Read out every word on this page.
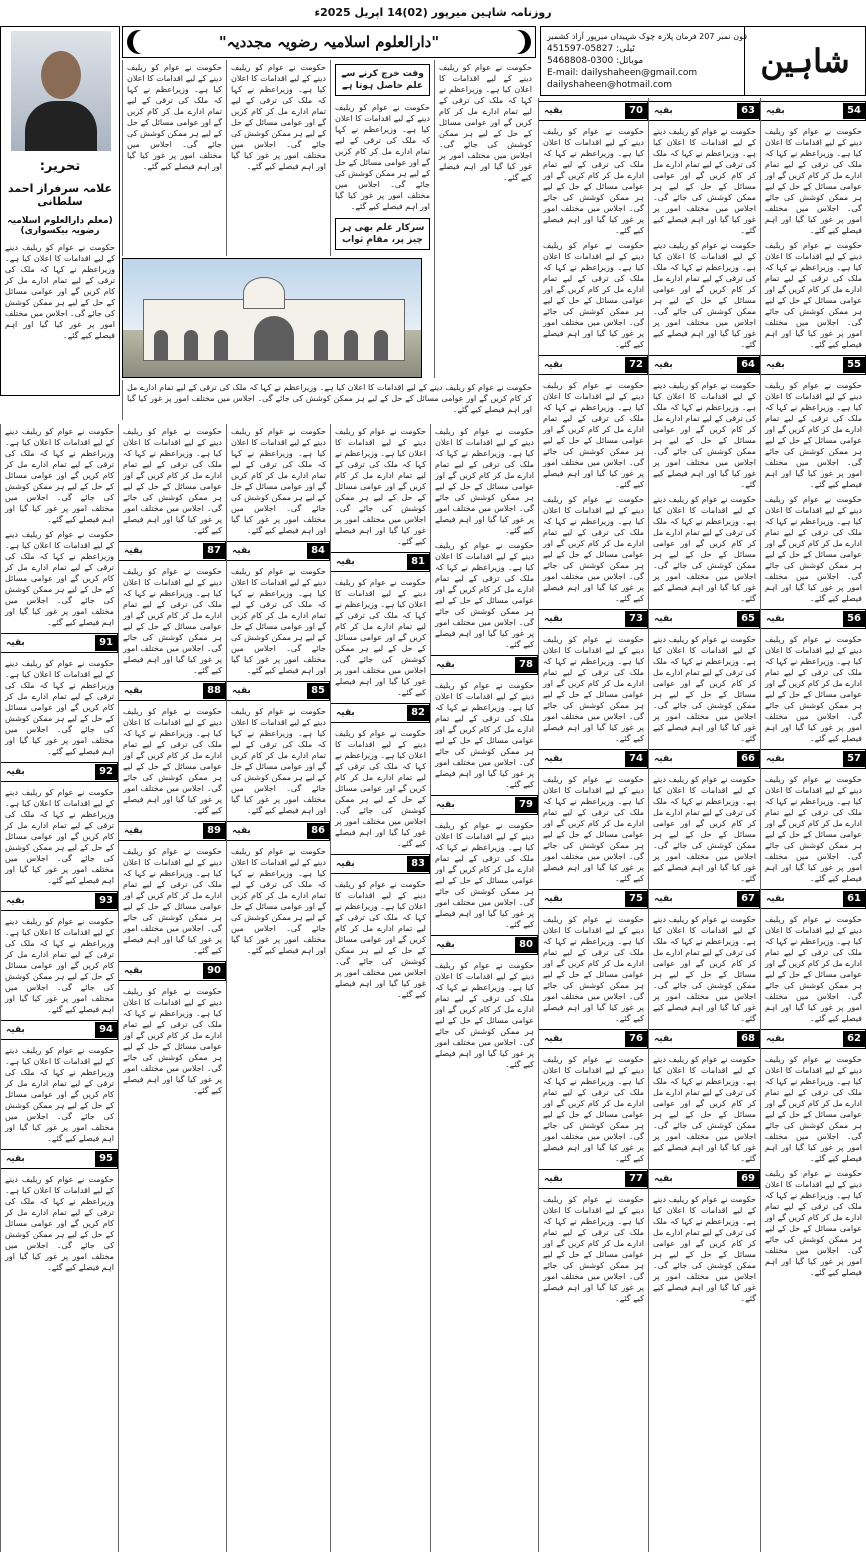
روزنامہ شاہین میرپور (02)14 اپریل 2025ء
شاہین
فون نمبر 207 فرمان پلازہ چوک شہیداں میرپور آزاد کشمیر
ٹیلی: 05827-451597
موبائل: 0300-5468808
E-mail: dailyshaheen@gmail.com
dailyshaheen@hotmail.com
"دارالعلوم اسلامیہ رضویہ مجددیہ"
تحریر:
علامہ سرفراز احمد سلطانی
(معلم دارالعلوم اسلامیہ رضویہ بیکسواری)
حکومت نے عوام کو ریلیف دینے کے لیے اقدامات کا اعلان کیا ہے۔ وزیراعظم نے کہا کہ ملک کی ترقی کے لیے تمام ادارے مل کر کام کریں گے اور عوامی مسائل کے حل کے لیے ہر ممکن کوشش کی جائے گی۔ اجلاس میں مختلف امور پر غور کیا گیا اور اہم فیصلے کیے گئے۔
حکومت نے عوام کو ریلیف دینے کے لیے اقدامات کا اعلان کیا ہے۔ وزیراعظم نے کہا کہ ملک کی ترقی کے لیے تمام ادارے مل کر کام کریں گے اور عوامی مسائل کے حل کے لیے ہر ممکن کوشش کی جائے گی۔ اجلاس میں مختلف امور پر غور کیا گیا اور اہم فیصلے کیے گئے۔
حکومت نے عوام کو ریلیف دینے کے لیے اقدامات کا اعلان کیا ہے۔ وزیراعظم نے کہا کہ ملک کی ترقی کے لیے تمام ادارے مل کر کام کریں گے اور عوامی مسائل کے حل کے لیے ہر ممکن کوشش کی جائے گی۔ اجلاس میں مختلف امور پر غور کیا گیا اور اہم فیصلے کیے گئے۔
وقت خرچ کرنے سے علم حاصل ہوتا ہے
حکومت نے عوام کو ریلیف دینے کے لیے اقدامات کا اعلان کیا ہے۔ وزیراعظم نے کہا کہ ملک کی ترقی کے لیے تمام ادارے مل کر کام کریں گے اور عوامی مسائل کے حل کے لیے ہر ممکن کوشش کی جائے گی۔ اجلاس میں مختلف امور پر غور کیا گیا اور اہم فیصلے کیے گئے۔
سرکار علم بھی ہر چیز پر، مقامِ ثواب
حکومت نے عوام کو ریلیف دینے کے لیے اقدامات کا اعلان کیا ہے۔ وزیراعظم نے کہا کہ ملک کی ترقی کے لیے تمام ادارے مل کر کام کریں گے اور عوامی مسائل کے حل کے لیے ہر ممکن کوشش کی جائے گی۔ اجلاس میں مختلف امور پر غور کیا گیا اور اہم فیصلے کیے گئے۔
حکومت نے عوام کو ریلیف دینے کے لیے اقدامات کا اعلان کیا ہے۔ وزیراعظم نے کہا کہ ملک کی ترقی کے لیے تمام ادارے مل کر کام کریں گے اور عوامی مسائل کے حل کے لیے ہر ممکن کوشش کی جائے گی۔ اجلاس میں مختلف امور پر غور کیا گیا اور اہم فیصلے کیے گئے۔
بقیہ	54
حکومت نے عوام کو ریلیف دینے کے لیے اقدامات کا اعلان کیا ہے۔ وزیراعظم نے کہا کہ ملک کی ترقی کے لیے تمام ادارے مل کر کام کریں گے اور عوامی مسائل کے حل کے لیے ہر ممکن کوشش کی جائے گی۔ اجلاس میں مختلف امور پر غور کیا گیا اور اہم فیصلے کیے گئے۔
حکومت نے عوام کو ریلیف دینے کے لیے اقدامات کا اعلان کیا ہے۔ وزیراعظم نے کہا کہ ملک کی ترقی کے لیے تمام ادارے مل کر کام کریں گے اور عوامی مسائل کے حل کے لیے ہر ممکن کوشش کی جائے گی۔ اجلاس میں مختلف امور پر غور کیا گیا اور اہم فیصلے کیے گئے۔
بقیہ	55
حکومت نے عوام کو ریلیف دینے کے لیے اقدامات کا اعلان کیا ہے۔ وزیراعظم نے کہا کہ ملک کی ترقی کے لیے تمام ادارے مل کر کام کریں گے اور عوامی مسائل کے حل کے لیے ہر ممکن کوشش کی جائے گی۔ اجلاس میں مختلف امور پر غور کیا گیا اور اہم فیصلے کیے گئے۔
حکومت نے عوام کو ریلیف دینے کے لیے اقدامات کا اعلان کیا ہے۔ وزیراعظم نے کہا کہ ملک کی ترقی کے لیے تمام ادارے مل کر کام کریں گے اور عوامی مسائل کے حل کے لیے ہر ممکن کوشش کی جائے گی۔ اجلاس میں مختلف امور پر غور کیا گیا اور اہم فیصلے کیے گئے۔
بقیہ	56
حکومت نے عوام کو ریلیف دینے کے لیے اقدامات کا اعلان کیا ہے۔ وزیراعظم نے کہا کہ ملک کی ترقی کے لیے تمام ادارے مل کر کام کریں گے اور عوامی مسائل کے حل کے لیے ہر ممکن کوشش کی جائے گی۔ اجلاس میں مختلف امور پر غور کیا گیا اور اہم فیصلے کیے گئے۔
بقیہ	57
حکومت نے عوام کو ریلیف دینے کے لیے اقدامات کا اعلان کیا ہے۔ وزیراعظم نے کہا کہ ملک کی ترقی کے لیے تمام ادارے مل کر کام کریں گے اور عوامی مسائل کے حل کے لیے ہر ممکن کوشش کی جائے گی۔ اجلاس میں مختلف امور پر غور کیا گیا اور اہم فیصلے کیے گئے۔
بقیہ	61
حکومت نے عوام کو ریلیف دینے کے لیے اقدامات کا اعلان کیا ہے۔ وزیراعظم نے کہا کہ ملک کی ترقی کے لیے تمام ادارے مل کر کام کریں گے اور عوامی مسائل کے حل کے لیے ہر ممکن کوشش کی جائے گی۔ اجلاس میں مختلف امور پر غور کیا گیا اور اہم فیصلے کیے گئے۔
بقیہ	62
حکومت نے عوام کو ریلیف دینے کے لیے اقدامات کا اعلان کیا ہے۔ وزیراعظم نے کہا کہ ملک کی ترقی کے لیے تمام ادارے مل کر کام کریں گے اور عوامی مسائل کے حل کے لیے ہر ممکن کوشش کی جائے گی۔ اجلاس میں مختلف امور پر غور کیا گیا اور اہم فیصلے کیے گئے۔
حکومت نے عوام کو ریلیف دینے کے لیے اقدامات کا اعلان کیا ہے۔ وزیراعظم نے کہا کہ ملک کی ترقی کے لیے تمام ادارے مل کر کام کریں گے اور عوامی مسائل کے حل کے لیے ہر ممکن کوشش کی جائے گی۔ اجلاس میں مختلف امور پر غور کیا گیا اور اہم فیصلے کیے گئے۔
بقیہ	63
حکومت نے عوام کو ریلیف دینے کے لیے اقدامات کا اعلان کیا ہے۔ وزیراعظم نے کہا کہ ملک کی ترقی کے لیے تمام ادارے مل کر کام کریں گے اور عوامی مسائل کے حل کے لیے ہر ممکن کوشش کی جائے گی۔ اجلاس میں مختلف امور پر غور کیا گیا اور اہم فیصلے کیے گئے۔
حکومت نے عوام کو ریلیف دینے کے لیے اقدامات کا اعلان کیا ہے۔ وزیراعظم نے کہا کہ ملک کی ترقی کے لیے تمام ادارے مل کر کام کریں گے اور عوامی مسائل کے حل کے لیے ہر ممکن کوشش کی جائے گی۔ اجلاس میں مختلف امور پر غور کیا گیا اور اہم فیصلے کیے گئے۔
بقیہ	64
حکومت نے عوام کو ریلیف دینے کے لیے اقدامات کا اعلان کیا ہے۔ وزیراعظم نے کہا کہ ملک کی ترقی کے لیے تمام ادارے مل کر کام کریں گے اور عوامی مسائل کے حل کے لیے ہر ممکن کوشش کی جائے گی۔ اجلاس میں مختلف امور پر غور کیا گیا اور اہم فیصلے کیے گئے۔
حکومت نے عوام کو ریلیف دینے کے لیے اقدامات کا اعلان کیا ہے۔ وزیراعظم نے کہا کہ ملک کی ترقی کے لیے تمام ادارے مل کر کام کریں گے اور عوامی مسائل کے حل کے لیے ہر ممکن کوشش کی جائے گی۔ اجلاس میں مختلف امور پر غور کیا گیا اور اہم فیصلے کیے گئے۔
بقیہ	65
حکومت نے عوام کو ریلیف دینے کے لیے اقدامات کا اعلان کیا ہے۔ وزیراعظم نے کہا کہ ملک کی ترقی کے لیے تمام ادارے مل کر کام کریں گے اور عوامی مسائل کے حل کے لیے ہر ممکن کوشش کی جائے گی۔ اجلاس میں مختلف امور پر غور کیا گیا اور اہم فیصلے کیے گئے۔
بقیہ	66
حکومت نے عوام کو ریلیف دینے کے لیے اقدامات کا اعلان کیا ہے۔ وزیراعظم نے کہا کہ ملک کی ترقی کے لیے تمام ادارے مل کر کام کریں گے اور عوامی مسائل کے حل کے لیے ہر ممکن کوشش کی جائے گی۔ اجلاس میں مختلف امور پر غور کیا گیا اور اہم فیصلے کیے گئے۔
بقیہ	67
حکومت نے عوام کو ریلیف دینے کے لیے اقدامات کا اعلان کیا ہے۔ وزیراعظم نے کہا کہ ملک کی ترقی کے لیے تمام ادارے مل کر کام کریں گے اور عوامی مسائل کے حل کے لیے ہر ممکن کوشش کی جائے گی۔ اجلاس میں مختلف امور پر غور کیا گیا اور اہم فیصلے کیے گئے۔
بقیہ	68
حکومت نے عوام کو ریلیف دینے کے لیے اقدامات کا اعلان کیا ہے۔ وزیراعظم نے کہا کہ ملک کی ترقی کے لیے تمام ادارے مل کر کام کریں گے اور عوامی مسائل کے حل کے لیے ہر ممکن کوشش کی جائے گی۔ اجلاس میں مختلف امور پر غور کیا گیا اور اہم فیصلے کیے گئے۔
بقیہ	69
حکومت نے عوام کو ریلیف دینے کے لیے اقدامات کا اعلان کیا ہے۔ وزیراعظم نے کہا کہ ملک کی ترقی کے لیے تمام ادارے مل کر کام کریں گے اور عوامی مسائل کے حل کے لیے ہر ممکن کوشش کی جائے گی۔ اجلاس میں مختلف امور پر غور کیا گیا اور اہم فیصلے کیے گئے۔
بقیہ	70
حکومت نے عوام کو ریلیف دینے کے لیے اقدامات کا اعلان کیا ہے۔ وزیراعظم نے کہا کہ ملک کی ترقی کے لیے تمام ادارے مل کر کام کریں گے اور عوامی مسائل کے حل کے لیے ہر ممکن کوشش کی جائے گی۔ اجلاس میں مختلف امور پر غور کیا گیا اور اہم فیصلے کیے گئے۔
حکومت نے عوام کو ریلیف دینے کے لیے اقدامات کا اعلان کیا ہے۔ وزیراعظم نے کہا کہ ملک کی ترقی کے لیے تمام ادارے مل کر کام کریں گے اور عوامی مسائل کے حل کے لیے ہر ممکن کوشش کی جائے گی۔ اجلاس میں مختلف امور پر غور کیا گیا اور اہم فیصلے کیے گئے۔
بقیہ	72
حکومت نے عوام کو ریلیف دینے کے لیے اقدامات کا اعلان کیا ہے۔ وزیراعظم نے کہا کہ ملک کی ترقی کے لیے تمام ادارے مل کر کام کریں گے اور عوامی مسائل کے حل کے لیے ہر ممکن کوشش کی جائے گی۔ اجلاس میں مختلف امور پر غور کیا گیا اور اہم فیصلے کیے گئے۔
حکومت نے عوام کو ریلیف دینے کے لیے اقدامات کا اعلان کیا ہے۔ وزیراعظم نے کہا کہ ملک کی ترقی کے لیے تمام ادارے مل کر کام کریں گے اور عوامی مسائل کے حل کے لیے ہر ممکن کوشش کی جائے گی۔ اجلاس میں مختلف امور پر غور کیا گیا اور اہم فیصلے کیے گئے۔
بقیہ	73
حکومت نے عوام کو ریلیف دینے کے لیے اقدامات کا اعلان کیا ہے۔ وزیراعظم نے کہا کہ ملک کی ترقی کے لیے تمام ادارے مل کر کام کریں گے اور عوامی مسائل کے حل کے لیے ہر ممکن کوشش کی جائے گی۔ اجلاس میں مختلف امور پر غور کیا گیا اور اہم فیصلے کیے گئے۔
بقیہ	74
حکومت نے عوام کو ریلیف دینے کے لیے اقدامات کا اعلان کیا ہے۔ وزیراعظم نے کہا کہ ملک کی ترقی کے لیے تمام ادارے مل کر کام کریں گے اور عوامی مسائل کے حل کے لیے ہر ممکن کوشش کی جائے گی۔ اجلاس میں مختلف امور پر غور کیا گیا اور اہم فیصلے کیے گئے۔
بقیہ	75
حکومت نے عوام کو ریلیف دینے کے لیے اقدامات کا اعلان کیا ہے۔ وزیراعظم نے کہا کہ ملک کی ترقی کے لیے تمام ادارے مل کر کام کریں گے اور عوامی مسائل کے حل کے لیے ہر ممکن کوشش کی جائے گی۔ اجلاس میں مختلف امور پر غور کیا گیا اور اہم فیصلے کیے گئے۔
بقیہ	76
حکومت نے عوام کو ریلیف دینے کے لیے اقدامات کا اعلان کیا ہے۔ وزیراعظم نے کہا کہ ملک کی ترقی کے لیے تمام ادارے مل کر کام کریں گے اور عوامی مسائل کے حل کے لیے ہر ممکن کوشش کی جائے گی۔ اجلاس میں مختلف امور پر غور کیا گیا اور اہم فیصلے کیے گئے۔
بقیہ	77
حکومت نے عوام کو ریلیف دینے کے لیے اقدامات کا اعلان کیا ہے۔ وزیراعظم نے کہا کہ ملک کی ترقی کے لیے تمام ادارے مل کر کام کریں گے اور عوامی مسائل کے حل کے لیے ہر ممکن کوشش کی جائے گی۔ اجلاس میں مختلف امور پر غور کیا گیا اور اہم فیصلے کیے گئے۔
حکومت نے عوام کو ریلیف دینے کے لیے اقدامات کا اعلان کیا ہے۔ وزیراعظم نے کہا کہ ملک کی ترقی کے لیے تمام ادارے مل کر کام کریں گے اور عوامی مسائل کے حل کے لیے ہر ممکن کوشش کی جائے گی۔ اجلاس میں مختلف امور پر غور کیا گیا اور اہم فیصلے کیے گئے۔
حکومت نے عوام کو ریلیف دینے کے لیے اقدامات کا اعلان کیا ہے۔ وزیراعظم نے کہا کہ ملک کی ترقی کے لیے تمام ادارے مل کر کام کریں گے اور عوامی مسائل کے حل کے لیے ہر ممکن کوشش کی جائے گی۔ اجلاس میں مختلف امور پر غور کیا گیا اور اہم فیصلے کیے گئے۔
بقیہ	78
حکومت نے عوام کو ریلیف دینے کے لیے اقدامات کا اعلان کیا ہے۔ وزیراعظم نے کہا کہ ملک کی ترقی کے لیے تمام ادارے مل کر کام کریں گے اور عوامی مسائل کے حل کے لیے ہر ممکن کوشش کی جائے گی۔ اجلاس میں مختلف امور پر غور کیا گیا اور اہم فیصلے کیے گئے۔
بقیہ	79
حکومت نے عوام کو ریلیف دینے کے لیے اقدامات کا اعلان کیا ہے۔ وزیراعظم نے کہا کہ ملک کی ترقی کے لیے تمام ادارے مل کر کام کریں گے اور عوامی مسائل کے حل کے لیے ہر ممکن کوشش کی جائے گی۔ اجلاس میں مختلف امور پر غور کیا گیا اور اہم فیصلے کیے گئے۔
بقیہ	80
حکومت نے عوام کو ریلیف دینے کے لیے اقدامات کا اعلان کیا ہے۔ وزیراعظم نے کہا کہ ملک کی ترقی کے لیے تمام ادارے مل کر کام کریں گے اور عوامی مسائل کے حل کے لیے ہر ممکن کوشش کی جائے گی۔ اجلاس میں مختلف امور پر غور کیا گیا اور اہم فیصلے کیے گئے۔
حکومت نے عوام کو ریلیف دینے کے لیے اقدامات کا اعلان کیا ہے۔ وزیراعظم نے کہا کہ ملک کی ترقی کے لیے تمام ادارے مل کر کام کریں گے اور عوامی مسائل کے حل کے لیے ہر ممکن کوشش کی جائے گی۔ اجلاس میں مختلف امور پر غور کیا گیا اور اہم فیصلے کیے گئے۔
بقیہ	81
حکومت نے عوام کو ریلیف دینے کے لیے اقدامات کا اعلان کیا ہے۔ وزیراعظم نے کہا کہ ملک کی ترقی کے لیے تمام ادارے مل کر کام کریں گے اور عوامی مسائل کے حل کے لیے ہر ممکن کوشش کی جائے گی۔ اجلاس میں مختلف امور پر غور کیا گیا اور اہم فیصلے کیے گئے۔
بقیہ	82
حکومت نے عوام کو ریلیف دینے کے لیے اقدامات کا اعلان کیا ہے۔ وزیراعظم نے کہا کہ ملک کی ترقی کے لیے تمام ادارے مل کر کام کریں گے اور عوامی مسائل کے حل کے لیے ہر ممکن کوشش کی جائے گی۔ اجلاس میں مختلف امور پر غور کیا گیا اور اہم فیصلے کیے گئے۔
بقیہ	83
حکومت نے عوام کو ریلیف دینے کے لیے اقدامات کا اعلان کیا ہے۔ وزیراعظم نے کہا کہ ملک کی ترقی کے لیے تمام ادارے مل کر کام کریں گے اور عوامی مسائل کے حل کے لیے ہر ممکن کوشش کی جائے گی۔ اجلاس میں مختلف امور پر غور کیا گیا اور اہم فیصلے کیے گئے۔
حکومت نے عوام کو ریلیف دینے کے لیے اقدامات کا اعلان کیا ہے۔ وزیراعظم نے کہا کہ ملک کی ترقی کے لیے تمام ادارے مل کر کام کریں گے اور عوامی مسائل کے حل کے لیے ہر ممکن کوشش کی جائے گی۔ اجلاس میں مختلف امور پر غور کیا گیا اور اہم فیصلے کیے گئے۔
بقیہ	84
حکومت نے عوام کو ریلیف دینے کے لیے اقدامات کا اعلان کیا ہے۔ وزیراعظم نے کہا کہ ملک کی ترقی کے لیے تمام ادارے مل کر کام کریں گے اور عوامی مسائل کے حل کے لیے ہر ممکن کوشش کی جائے گی۔ اجلاس میں مختلف امور پر غور کیا گیا اور اہم فیصلے کیے گئے۔
بقیہ	85
حکومت نے عوام کو ریلیف دینے کے لیے اقدامات کا اعلان کیا ہے۔ وزیراعظم نے کہا کہ ملک کی ترقی کے لیے تمام ادارے مل کر کام کریں گے اور عوامی مسائل کے حل کے لیے ہر ممکن کوشش کی جائے گی۔ اجلاس میں مختلف امور پر غور کیا گیا اور اہم فیصلے کیے گئے۔
بقیہ	86
حکومت نے عوام کو ریلیف دینے کے لیے اقدامات کا اعلان کیا ہے۔ وزیراعظم نے کہا کہ ملک کی ترقی کے لیے تمام ادارے مل کر کام کریں گے اور عوامی مسائل کے حل کے لیے ہر ممکن کوشش کی جائے گی۔ اجلاس میں مختلف امور پر غور کیا گیا اور اہم فیصلے کیے گئے۔
حکومت نے عوام کو ریلیف دینے کے لیے اقدامات کا اعلان کیا ہے۔ وزیراعظم نے کہا کہ ملک کی ترقی کے لیے تمام ادارے مل کر کام کریں گے اور عوامی مسائل کے حل کے لیے ہر ممکن کوشش کی جائے گی۔ اجلاس میں مختلف امور پر غور کیا گیا اور اہم فیصلے کیے گئے۔
بقیہ	87
حکومت نے عوام کو ریلیف دینے کے لیے اقدامات کا اعلان کیا ہے۔ وزیراعظم نے کہا کہ ملک کی ترقی کے لیے تمام ادارے مل کر کام کریں گے اور عوامی مسائل کے حل کے لیے ہر ممکن کوشش کی جائے گی۔ اجلاس میں مختلف امور پر غور کیا گیا اور اہم فیصلے کیے گئے۔
بقیہ	88
حکومت نے عوام کو ریلیف دینے کے لیے اقدامات کا اعلان کیا ہے۔ وزیراعظم نے کہا کہ ملک کی ترقی کے لیے تمام ادارے مل کر کام کریں گے اور عوامی مسائل کے حل کے لیے ہر ممکن کوشش کی جائے گی۔ اجلاس میں مختلف امور پر غور کیا گیا اور اہم فیصلے کیے گئے۔
بقیہ	89
حکومت نے عوام کو ریلیف دینے کے لیے اقدامات کا اعلان کیا ہے۔ وزیراعظم نے کہا کہ ملک کی ترقی کے لیے تمام ادارے مل کر کام کریں گے اور عوامی مسائل کے حل کے لیے ہر ممکن کوشش کی جائے گی۔ اجلاس میں مختلف امور پر غور کیا گیا اور اہم فیصلے کیے گئے۔
بقیہ	90
حکومت نے عوام کو ریلیف دینے کے لیے اقدامات کا اعلان کیا ہے۔ وزیراعظم نے کہا کہ ملک کی ترقی کے لیے تمام ادارے مل کر کام کریں گے اور عوامی مسائل کے حل کے لیے ہر ممکن کوشش کی جائے گی۔ اجلاس میں مختلف امور پر غور کیا گیا اور اہم فیصلے کیے گئے۔
حکومت نے عوام کو ریلیف دینے کے لیے اقدامات کا اعلان کیا ہے۔ وزیراعظم نے کہا کہ ملک کی ترقی کے لیے تمام ادارے مل کر کام کریں گے اور عوامی مسائل کے حل کے لیے ہر ممکن کوشش کی جائے گی۔ اجلاس میں مختلف امور پر غور کیا گیا اور اہم فیصلے کیے گئے۔
حکومت نے عوام کو ریلیف دینے کے لیے اقدامات کا اعلان کیا ہے۔ وزیراعظم نے کہا کہ ملک کی ترقی کے لیے تمام ادارے مل کر کام کریں گے اور عوامی مسائل کے حل کے لیے ہر ممکن کوشش کی جائے گی۔ اجلاس میں مختلف امور پر غور کیا گیا اور اہم فیصلے کیے گئے۔
بقیہ	91
حکومت نے عوام کو ریلیف دینے کے لیے اقدامات کا اعلان کیا ہے۔ وزیراعظم نے کہا کہ ملک کی ترقی کے لیے تمام ادارے مل کر کام کریں گے اور عوامی مسائل کے حل کے لیے ہر ممکن کوشش کی جائے گی۔ اجلاس میں مختلف امور پر غور کیا گیا اور اہم فیصلے کیے گئے۔
بقیہ	92
حکومت نے عوام کو ریلیف دینے کے لیے اقدامات کا اعلان کیا ہے۔ وزیراعظم نے کہا کہ ملک کی ترقی کے لیے تمام ادارے مل کر کام کریں گے اور عوامی مسائل کے حل کے لیے ہر ممکن کوشش کی جائے گی۔ اجلاس میں مختلف امور پر غور کیا گیا اور اہم فیصلے کیے گئے۔
بقیہ	93
حکومت نے عوام کو ریلیف دینے کے لیے اقدامات کا اعلان کیا ہے۔ وزیراعظم نے کہا کہ ملک کی ترقی کے لیے تمام ادارے مل کر کام کریں گے اور عوامی مسائل کے حل کے لیے ہر ممکن کوشش کی جائے گی۔ اجلاس میں مختلف امور پر غور کیا گیا اور اہم فیصلے کیے گئے۔
بقیہ	94
حکومت نے عوام کو ریلیف دینے کے لیے اقدامات کا اعلان کیا ہے۔ وزیراعظم نے کہا کہ ملک کی ترقی کے لیے تمام ادارے مل کر کام کریں گے اور عوامی مسائل کے حل کے لیے ہر ممکن کوشش کی جائے گی۔ اجلاس میں مختلف امور پر غور کیا گیا اور اہم فیصلے کیے گئے۔
بقیہ	95
حکومت نے عوام کو ریلیف دینے کے لیے اقدامات کا اعلان کیا ہے۔ وزیراعظم نے کہا کہ ملک کی ترقی کے لیے تمام ادارے مل کر کام کریں گے اور عوامی مسائل کے حل کے لیے ہر ممکن کوشش کی جائے گی۔ اجلاس میں مختلف امور پر غور کیا گیا اور اہم فیصلے کیے گئے۔
